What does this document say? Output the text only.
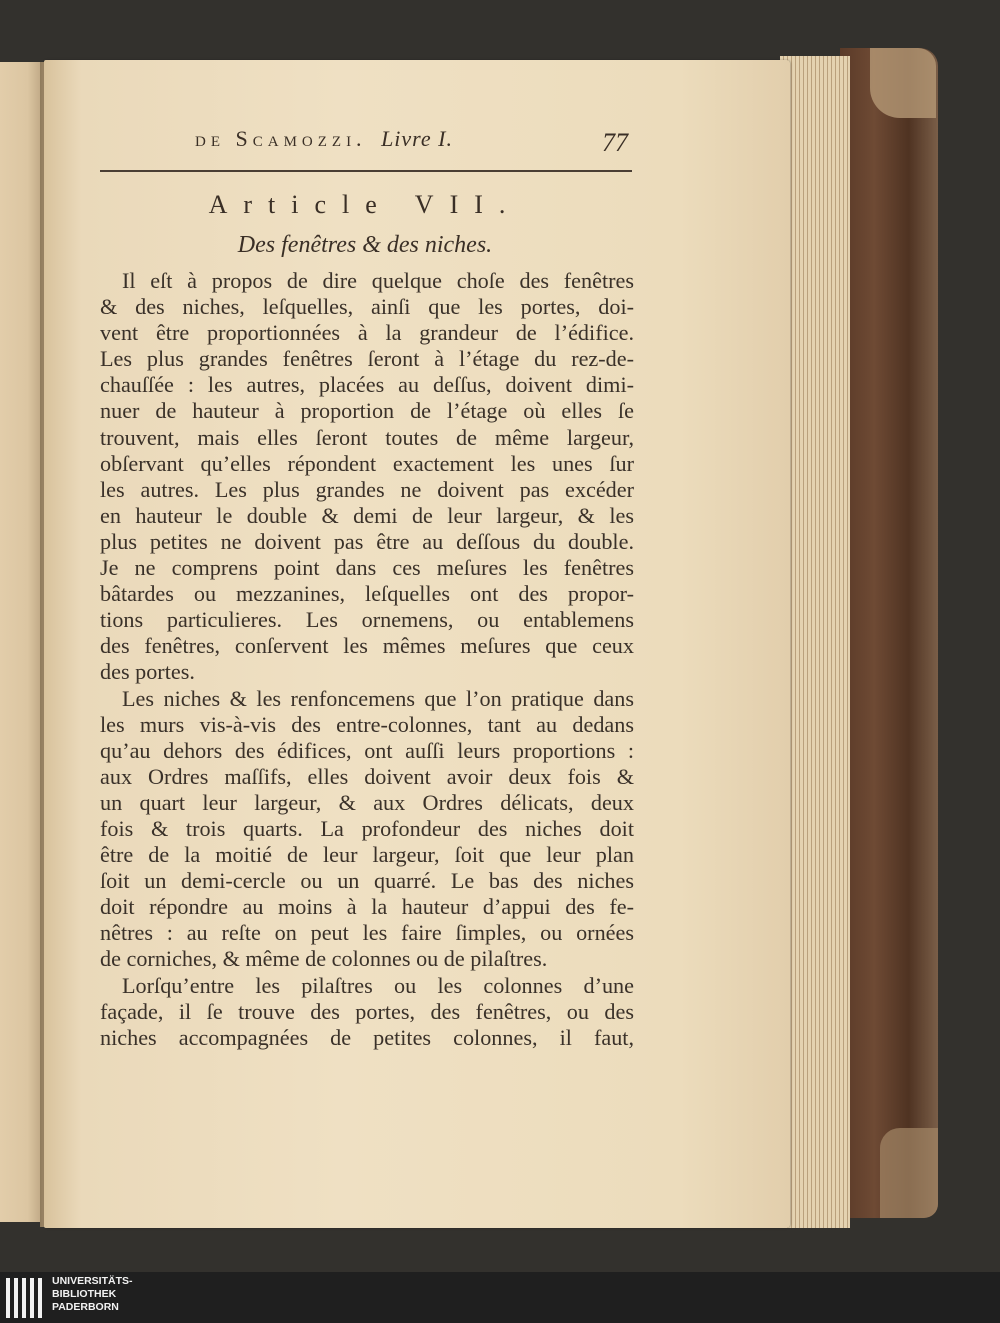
de Scamozzi. Livre I.	77
Article VII.
Des fenêtres & des niches.
Il eſt à propos de dire quelque choſe des fenêtres
& des niches, leſquelles, ainſi que les portes, doi-
vent être proportionnées à la grandeur de l’édifice.
Les plus grandes fenêtres ſeront à l’étage du rez-de-
chauſſée : les autres, placées au deſſus, doivent dimi-
nuer de hauteur à proportion de l’étage où elles ſe
trouvent, mais elles ſeront toutes de même largeur,
obſervant qu’elles répondent exactement les unes ſur
les autres. Les plus grandes ne doivent pas excéder
en hauteur le double & demi de leur largeur, & les
plus petites ne doivent pas être au deſſous du double.
Je ne comprens point dans ces meſures les fenêtres
bâtardes ou mezzanines, leſquelles ont des propor-
tions particulieres. Les ornemens, ou entablemens
des fenêtres, conſervent les mêmes meſures que ceux
des portes.
Les niches & les renfoncemens que l’on pratique dans
les murs vis-à-vis des entre-colonnes, tant au dedans
qu’au dehors des édifices, ont auſſi leurs proportions :
aux Ordres maſſifs, elles doivent avoir deux fois &
un quart leur largeur, & aux Ordres délicats, deux
fois & trois quarts. La profondeur des niches doit
être de la moitié de leur largeur, ſoit que leur plan
ſoit un demi-cercle ou un quarré. Le bas des niches
doit répondre au moins à la hauteur d’appui des fe-
nêtres : au reſte on peut les faire ſimples, ou ornées
de corniches, & même de colonnes ou de pilaſtres.
Lorſqu’entre les pilaſtres ou les colonnes d’une
façade, il ſe trouve des portes, des fenêtres, ou des
niches accompagnées de petites colonnes, il faut,
UNIVERSITÄTS-
BIBLIOTHEK
PADERBORN
